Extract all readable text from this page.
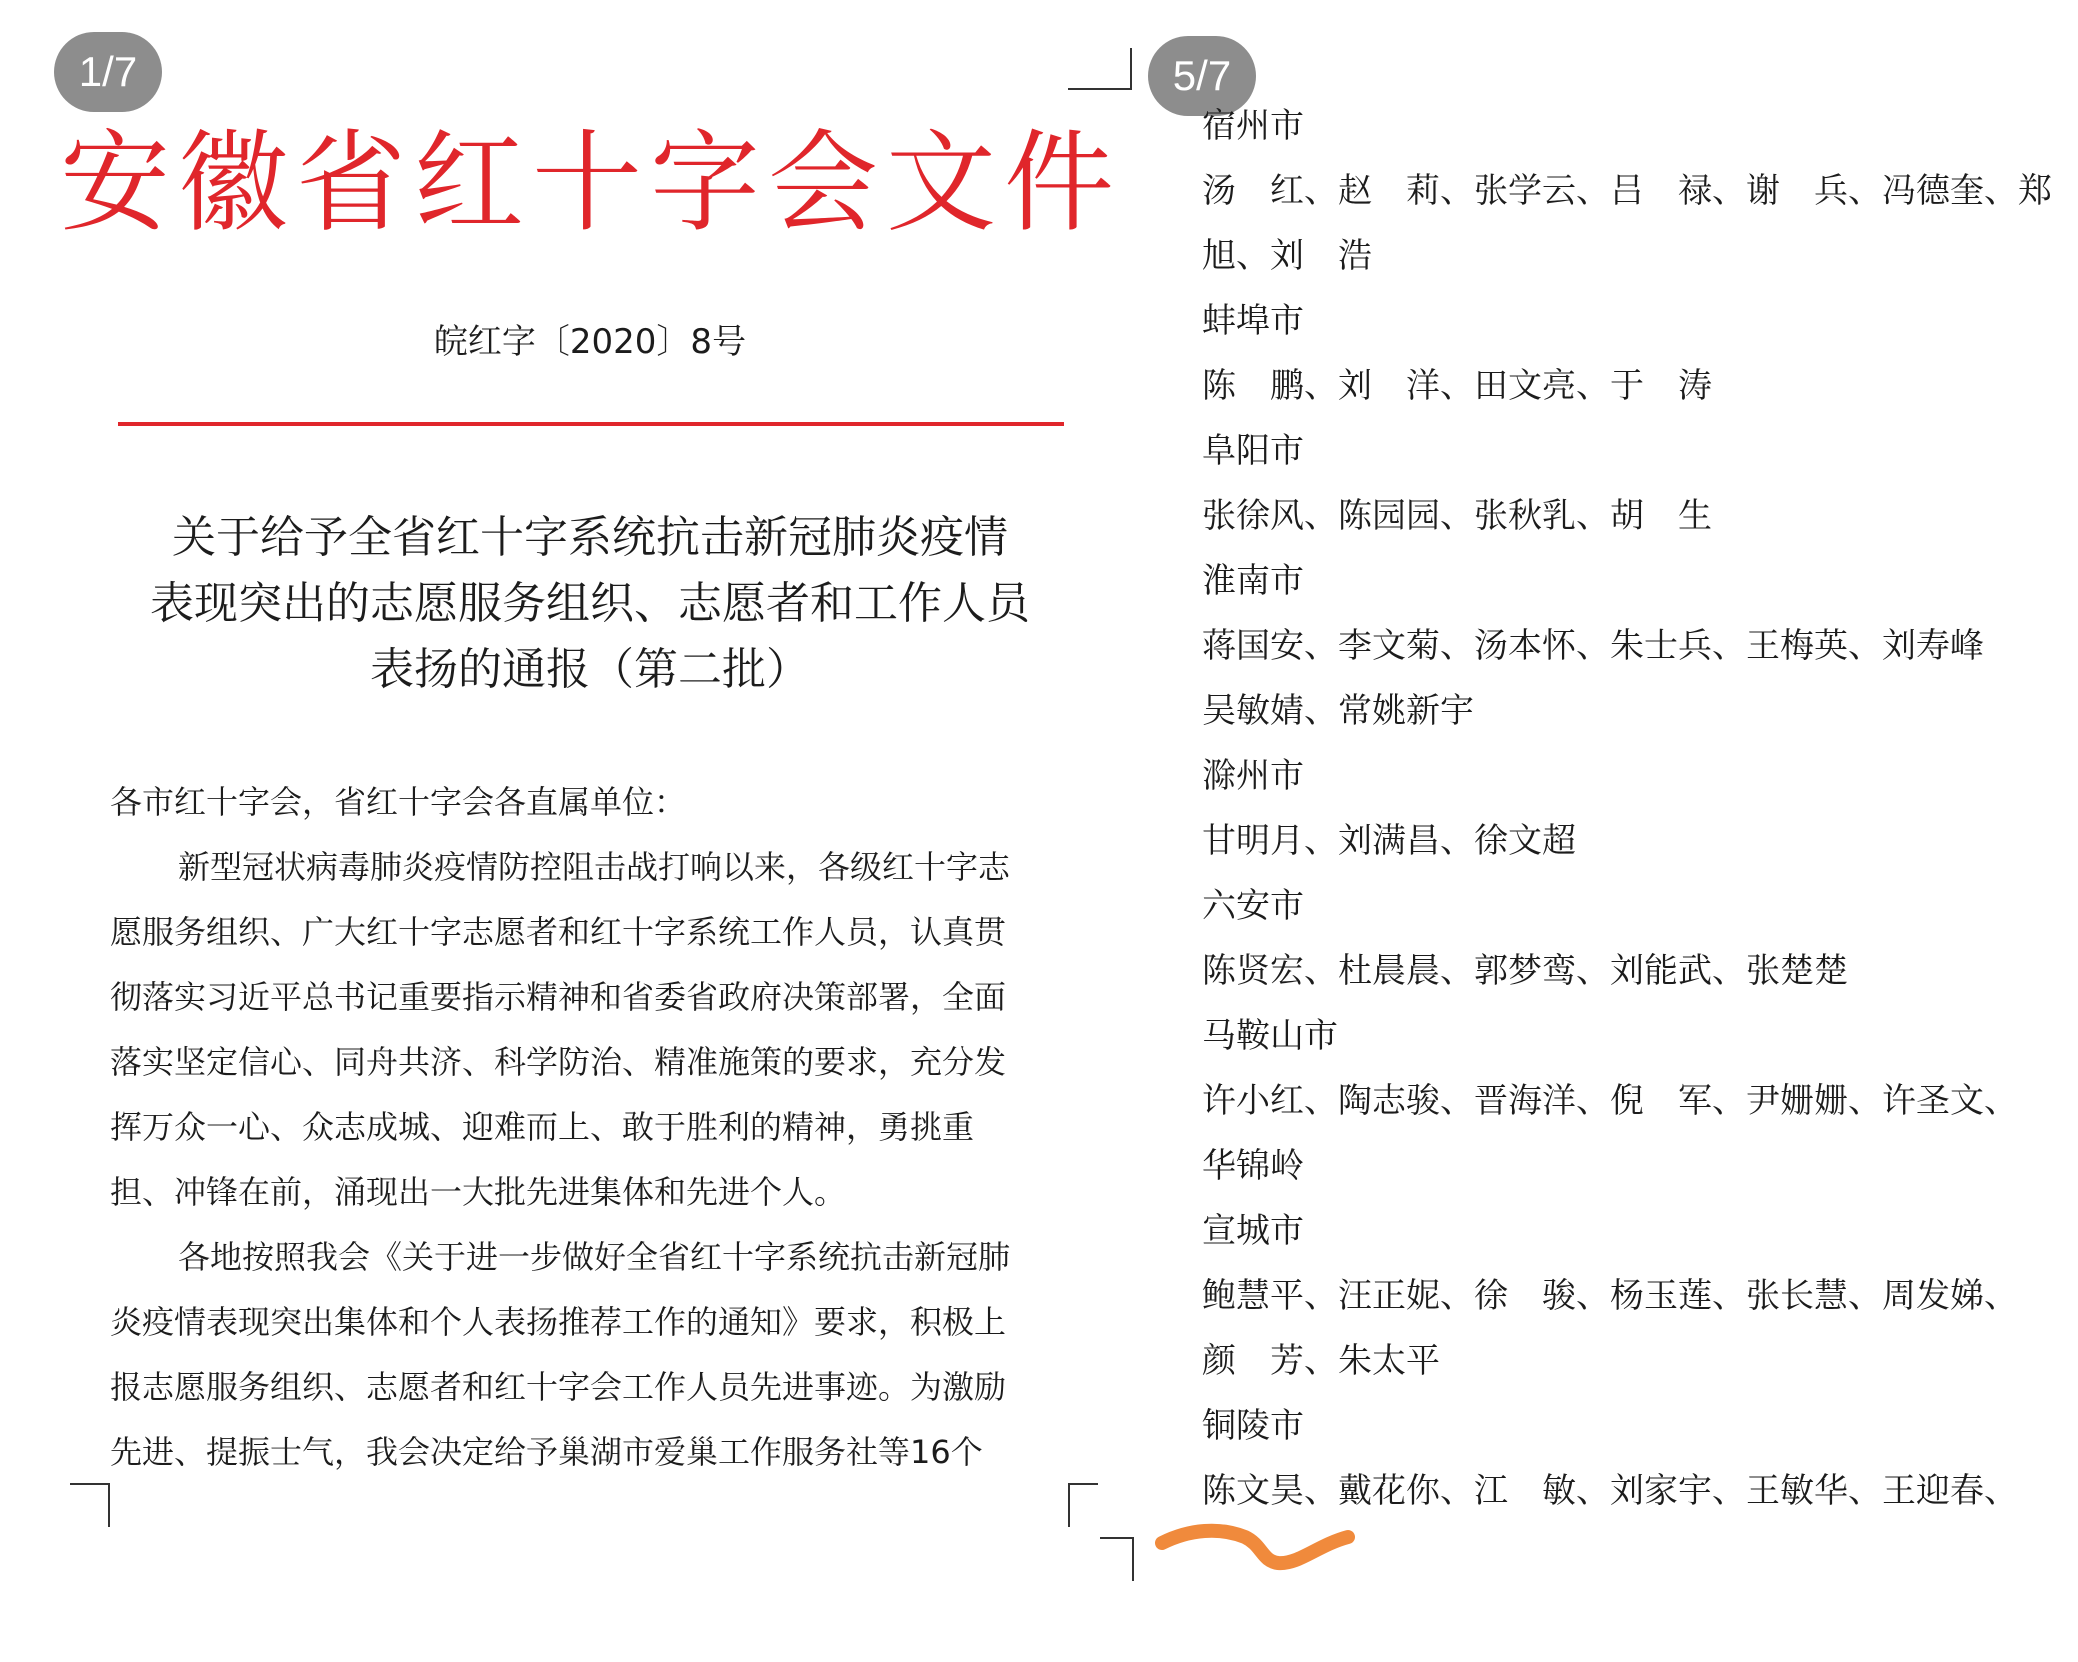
1/7
安徽省红十字会文件
皖红字〔2020〕8号
关于给予全省红十字系统抗击新冠肺炎疫情
表现突出的志愿服务组织、志愿者和工作人员
表扬的通报（第二批）
各市红十字会，省红十字会各直属单位：
新型冠状病毒肺炎疫情防控阻击战打响以来，各级红十字志
愿服务组织、广大红十字志愿者和红十字系统工作人员，认真贯
彻落实习近平总书记重要指示精神和省委省政府决策部署，全面
落实坚定信心、同舟共济、科学防治、精准施策的要求，充分发
挥万众一心、众志成城、迎难而上、敢于胜利的精神，勇挑重
担、冲锋在前，涌现出一大批先进集体和先进个人。
各地按照我会《关于进一步做好全省红十字系统抗击新冠肺
炎疫情表现突出集体和个人表扬推荐工作的通知》要求，积极上
报志愿服务组织、志愿者和红十字会工作人员先进事迹。为激励
先进、提振士气，我会决定给予巢湖市爱巢工作服务社等16个
5/7
宿州市
汤　红、赵　莉、张学云、吕　禄、谢　兵、冯德奎、郑
旭、刘　浩
蚌埠市
陈　鹏、刘　洋、田文亮、于　涛
阜阳市
张徐风、陈园园、张秋乳、胡　生
淮南市
蒋国安、李文菊、汤本怀、朱士兵、王梅英、刘寿峰
吴敏婧、常姚新宇
滁州市
甘明月、刘满昌、徐文超
六安市
陈贤宏、杜晨晨、郭梦鸾、刘能武、张楚楚
马鞍山市
许小红、陶志骏、晋海洋、倪　军、尹姗姗、许圣文、
华锦岭
宣城市
鲍慧平、汪正妮、徐　骏、杨玉莲、张长慧、周发娣、
颜　芳、朱太平
铜陵市
陈文昊、戴花你、江　敏、刘家宇、王敏华、王迎春、
